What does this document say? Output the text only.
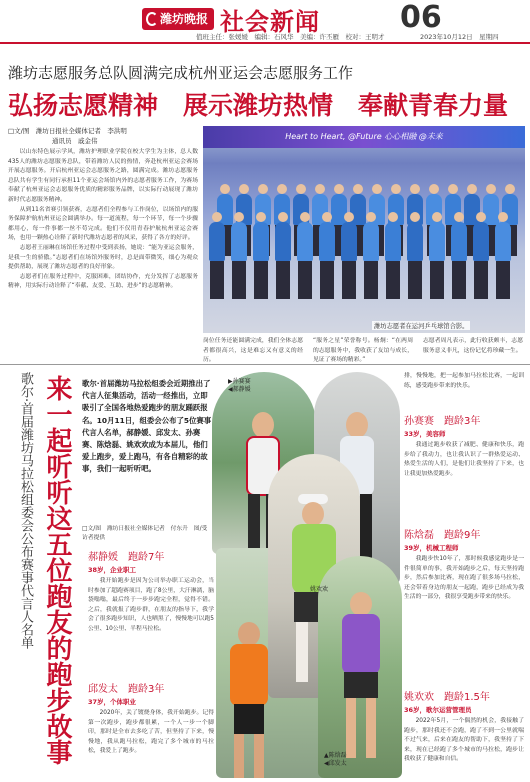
潍坊晚报 社会新闻	06
值班主任：张媛媛　编辑：石风华　美编：许丕雁　校对：王明才	2023年10月12日　星期四
潍坊志愿服务总队圆满完成杭州亚运会志愿服务工作
弘扬志愿精神　展示潍坊热情　奉献青春力量
□文/图　潍坊日报社全媒体记者　李洪明
通讯员　戚金伟

以山东特色展示学风，潍坊护理职业学院在校大学生为主体，总人数435人的潍坊志愿服务总队，带着潍坊人民的热情，奔赴杭州亚运会赛场开展志愿服务。开启杭州亚运会志愿服务之路，圆满完成。潍坊志愿服务总队共有学生有同行承担11个亚运会场馆内外的志愿者服务工作，为赛场奉献了杭州亚运会志愿服务优质的精彩服务品牌，以实际行动展现了潍坊新时代志愿服务精神。

从到11名省赛引领获赛，志愿者们全程参与工作岗位，以场馆内的服务保障护航杭州亚运会圆满举办。每一道流程，每一个环节，每一个步骤都用心，每一件事都一丝不苟完成。他们不仅用青春护航杭州亚运会赛场，也用一颗热心诠释了新时代潍坊志愿者的风采，获得了各方的好评。

志愿者王丽琳在场馆任务过程中受到表扬，她说：“能为亚运会服务，是我一生的骄傲。”志愿者们在场馆外服务时，总是面带微笑，细心为观众提供帮助，展现了潍坊志愿者的良好形象。

志愿者们在服务过程中，克服困难，团结协作，充分发挥了志愿服务精神，用实际行动诠释了“奉献、友爱、互助、进步”的志愿精神。

Heart to Heart, @Future 心心相融 @未来
潍坊志愿者在运河乒乓球馆合影。
岗位任务还能圆满完成，我们全体志愿者都很高兴，这是难忘又有意义的经历。
“服务之星”荣誉称号。杨炯：“在两周的志愿服务中，我收获了友谊与成长，见证了赛场的精彩。”
志愿者周凡表示，此行收获颇丰，志愿服务意义非凡，这份记忆将珍藏一生。
歌尔·首届潍坊马拉松组委会公布赛事代言人名单 来一起听听这五位跑友的跑步故事 歌尔·首届潍坊马拉松组委会近期推出了代言人征集活动，活动一经推出，立即吸引了全国各地热爱跑步的朋友踊跃报名。10月11日，组委会公布了5位赛事代言人名单，郝静媛、邱发太、孙赛赛、陈焓磊、姚欢欢成为本届儿，他们爱上跑步，爱上跑马，有各自精彩的故事，我们一起听听吧。
□文/图　潍坊日报社全媒体记者　付东升　图/受访者提供
▶孙赛赛
◀郝静媛
姚欢欢
▲陈焓磊
◀邱发太
排，慢慢地，把一起参加马拉松比赛，一起训练，感受跑步带来的快乐。
郝静媛 跑龄7年
38岁，企业职工
我开始跑步是因为公司举办职工运动会，当时参加了超跑赛项目，跑了8公里，大汗淋漓，脑袋嗡嗡，最后终于一步步跑完全程，觉得不错。之后，我就报了跑步群，在朋友的指导下，我学会了很多跑步知识，人也晒黑了，慢慢地可以跑5公里、10公里、半程马拉松。
邱发太 跑龄3年
37岁，个体职业
2020年，关了镀烧身体，我开始跑步。记得第一次跑步，跑步都很累，一个人一步一个脚印，那时是全市去多吃了苦，但坚持了下来，慢慢地，我从跑马拉松，跑完了多个城市的马拉松，我爱上了跑步。
孙赛赛 跑龄3年
33岁，美容师
我通过跑步收获了减肥、健康和快乐，跑步给了我动力，也让我认识了一群热爱运动、热爱生活的人们，是他们让我坚持了下来，也让我更加热爱跑步。
陈焓磊 跑龄9年
39岁，机械工程师
我跑步快10年了，那时候我感觉跑步是一件很简单的事，我开始跑步之后，每天坚持跑步，然后参加比赛，现在跑了很多场马拉松，还会带着身边的朋友一起跑，跑步已经成为我生活的一部分，我很享受跑步带来的快乐。
姚欢欢 跑龄1.5年
36岁，歌尔运营管理员
2022年5月，一个偶然的机会，我接触了跑步，那时我还不会跑，跑了不到一公里就喘不过气来，后来在跑友的帮助下，我坚持了下来，现在已经跑了多个城市的马拉松，跑步让我收获了健康和自信。
